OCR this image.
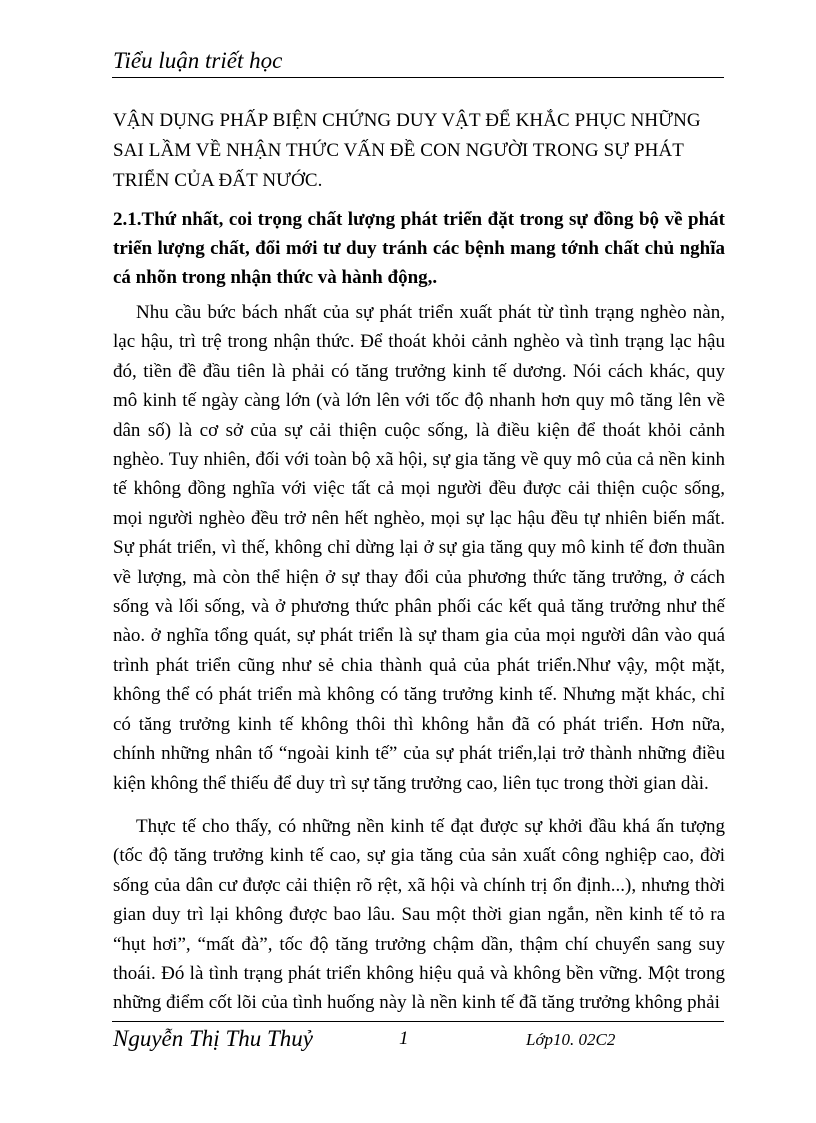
Tiểu luận triết học
VẬN DỤNG PHẤP BIỆN CHỨNG DUY VẬT ĐỂ KHẮC PHỤC NHỮNG SAI LẦM VỀ NHẬN THỨC VẤN ĐỀ CON NGƯỜI TRONG SỰ PHÁT TRIỂN CỦA ĐẤT NƯỚC.
2.1.Thứ nhất, coi trọng chất lượng phát triển đặt trong sự đồng bộ về phát triển lượng chất, đổi mới tư duy tránh các bệnh mang tớnh chất chủ nghĩa cá nhõn trong nhận thức và hành động,.

Nhu cầu bức bách nhất của sự phát triển xuất phát từ tình trạng nghèo nàn, lạc hậu, trì trệ trong nhận thức. Để thoát khỏi cảnh nghèo và tình trạng lạc hậu đó, tiền đề đầu tiên là phải có tăng trưởng kinh tế dương. Nói cách khác, quy mô kinh tế ngày càng lớn (và lớn lên với tốc độ nhanh hơn quy mô tăng lên về dân số) là cơ sở của sự cải thiện cuộc sống, là điều kiện để thoát khỏi cảnh nghèo. Tuy nhiên, đối với toàn bộ xã hội, sự gia tăng về quy mô của cả nền kinh tế không đồng nghĩa với việc tất cả mọi người đều được cải thiện cuộc sống, mọi người nghèo đều trở nên hết nghèo, mọi sự lạc hậu đều tự nhiên biến mất. Sự phát triển, vì thế, không chỉ dừng lại ở sự gia tăng quy mô kinh tế đơn thuần về lượng, mà còn thể hiện ở sự thay đổi của phương thức tăng trưởng, ở cách sống và lối sống, và ở phương thức phân phối các kết quả tăng trưởng như thế nào. ở nghĩa tổng quát, sự phát triển là sự tham gia của mọi người dân vào quá trình phát triển cũng như sẻ chia thành quả của phát triển.Như vậy, một mặt, không thể có phát triển mà không có tăng trưởng kinh tế. Nhưng mặt khác, chỉ có tăng trưởng kinh tế không thôi thì không hẳn đã có phát triển. Hơn nữa, chính những nhân tố “ngoài kinh tế” của sự phát triển,lại trở thành những điều kiện không thể thiếu để duy trì sự tăng trưởng cao, liên tục trong thời gian dài.

Thực tế cho thấy, có những nền kinh tế đạt được sự khởi đầu khá ấn tượng (tốc độ tăng trưởng kinh tế cao, sự gia tăng của sản xuất công nghiệp cao, đời sống của dân cư được cải thiện rõ rệt, xã hội và chính trị ổn định...), nhưng thời gian duy trì lại không được bao lâu. Sau một thời gian ngắn, nền kinh tế tỏ ra “hụt hơi”, “mất đà”, tốc độ tăng trưởng chậm dần, thậm chí chuyển sang suy thoái. Đó là tình trạng phát triển không hiệu quả và không bền vững. Một trong những điểm cốt lõi của tình huống này là nền kinh tế đã tăng trưởng không phải

Nguyễn Thị Thu Thuỷ	1	Lớp10. 02C2
